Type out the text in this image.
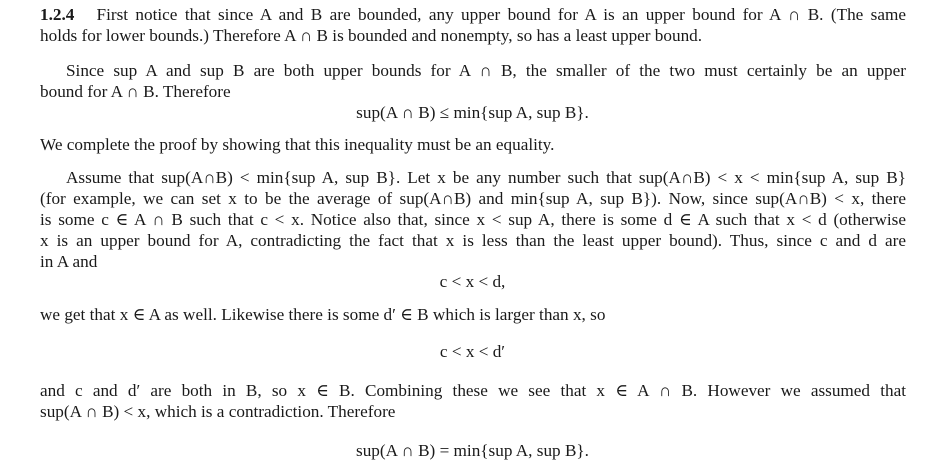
1.2.4 First notice that since A and B are bounded, any upper bound for A is an upper bound for A ∩ B. (The same
holds for lower bounds.) Therefore A ∩ B is bounded and nonempty, so has a least upper bound.
Since sup A and sup B are both upper bounds for A ∩ B, the smaller of the two must certainly be an upper
bound for A ∩ B. Therefore
sup(A ∩ B) ≤ min{sup A, sup B}.
We complete the proof by showing that this inequality must be an equality.
Assume that sup(A∩B) < min{sup A, sup B}. Let x be any number such that sup(A∩B) < x < min{sup A, sup B}
(for example, we can set x to be the average of sup(A∩B) and min{sup A, sup B}). Now, since sup(A∩B) < x, there
is some c ∈ A ∩ B such that c < x. Notice also that, since x < sup A, there is some d ∈ A such that x < d (otherwise
x is an upper bound for A, contradicting the fact that x is less than the least upper bound). Thus, since c and d are
in A and
c < x < d,
we get that x ∈ A as well. Likewise there is some d′ ∈ B which is larger than x, so
c < x < d′
and c and d′ are both in B, so x ∈ B. Combining these we see that x ∈ A ∩ B. However we assumed that
sup(A ∩ B) < x, which is a contradiction. Therefore
sup(A ∩ B) = min{sup A, sup B}.
